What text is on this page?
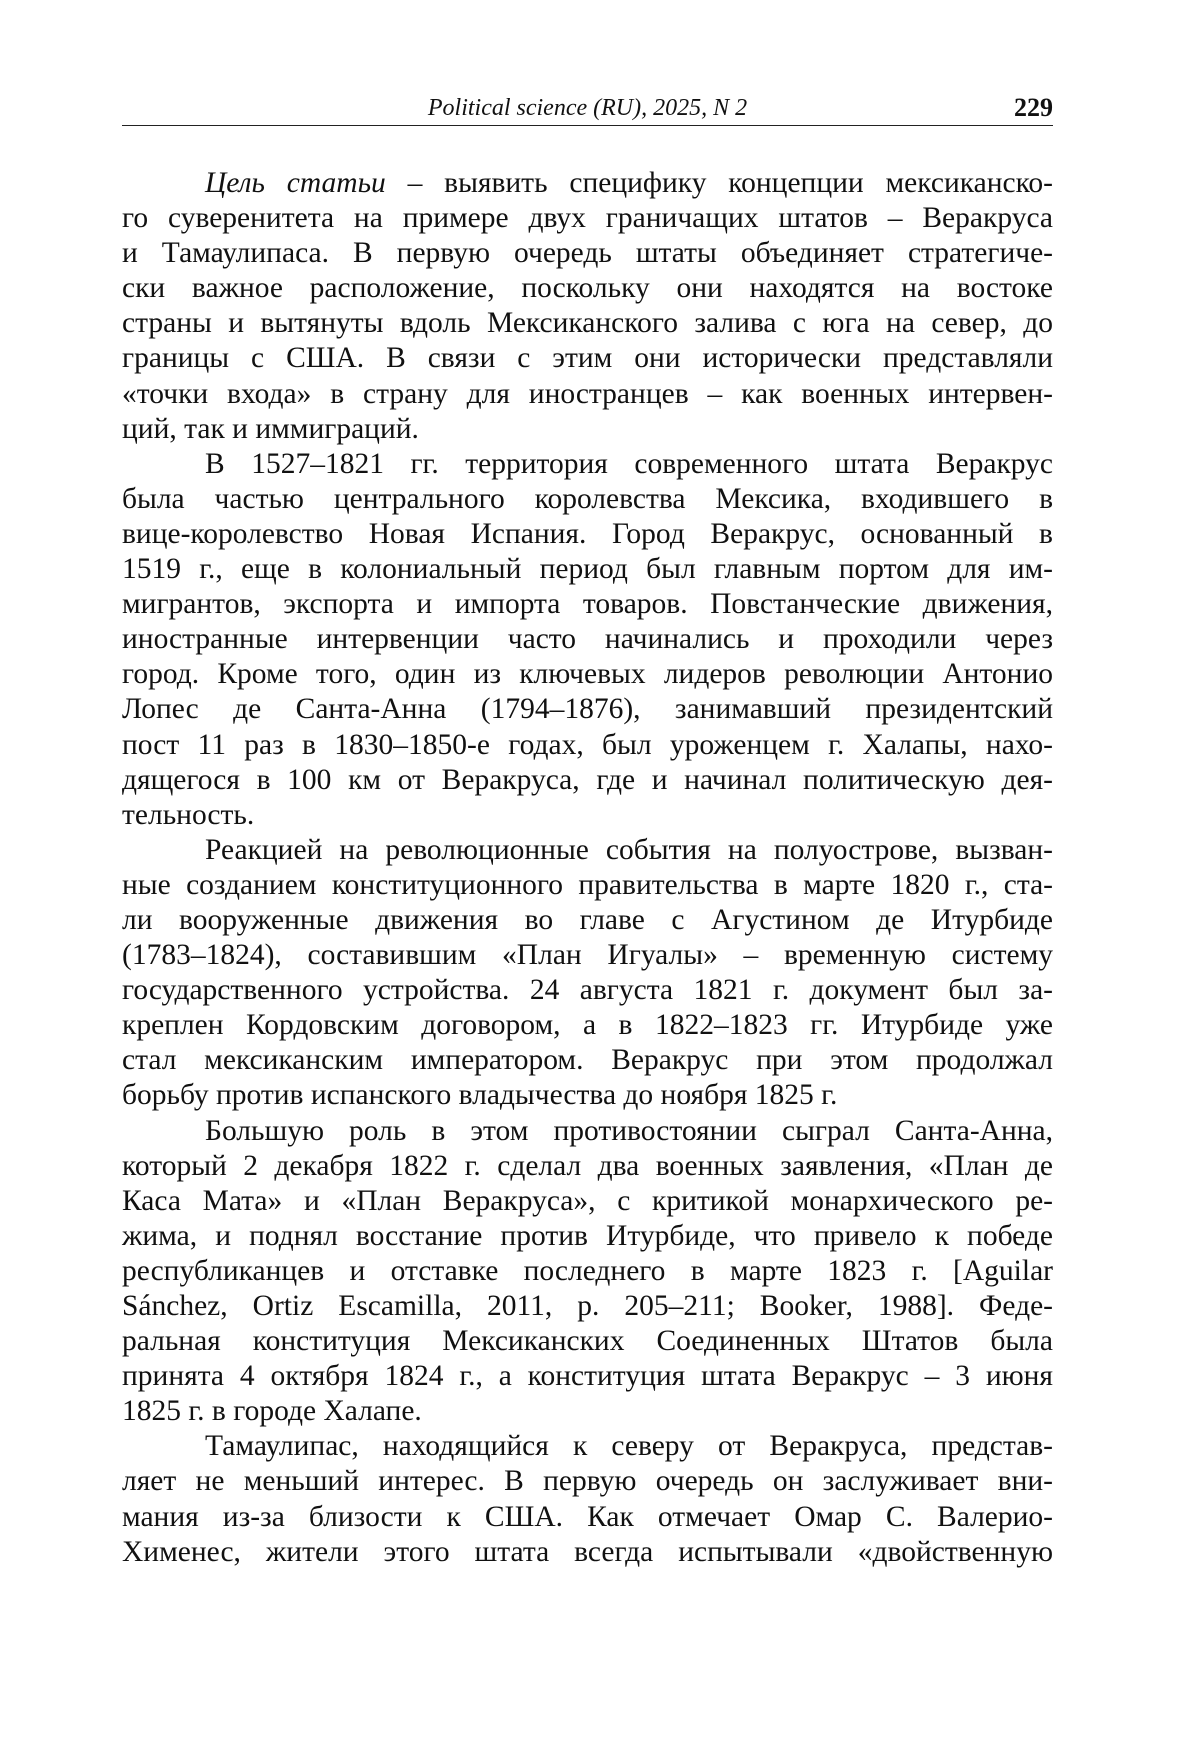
Political science (RU), 2025, N 2	229
Цель статьи – выявить специфику концепции мексиканско-
го суверенитета на примере двух граничащих штатов – Веракруса
и Тамаулипаса. В первую очередь штаты объединяет стратегиче-
ски важное расположение, поскольку они находятся на востоке
страны и вытянуты вдоль Мексиканского залива с юга на север, до
границы с США. В связи с этим они исторически представляли
«точки входа» в страну для иностранцев – как военных интервен-
ций, так и иммиграций.
В 1527–1821 гг. территория современного штата Веракрус
была частью центрального королевства Мексика, входившего в
вице-королевство Новая Испания. Город Веракрус, основанный в
1519 г., еще в колониальный период был главным портом для им-
мигрантов, экспорта и импорта товаров. Повстанческие движения,
иностранные интервенции часто начинались и проходили через
город. Кроме того, один из ключевых лидеров революции Антонио
Лопес де Санта-Анна (1794–1876), занимавший президентский
пост 11 раз в 1830–1850-е годах, был уроженцем г. Халапы, нахо-
дящегося в 100 км от Веракруса, где и начинал политическую дея-
тельность.
Реакцией на революционные события на полуострове, вызван-
ные созданием конституционного правительства в марте 1820 г., ста-
ли вооруженные движения во главе с Агустином де Итурбиде
(1783–1824), составившим «План Игуалы» – временную систему
государственного устройства. 24 августа 1821 г. документ был за-
креплен Кордовским договором, а в 1822–1823 гг. Итурбиде уже
стал мексиканским императором. Веракрус при этом продолжал
борьбу против испанского владычества до ноября 1825 г.
Большую роль в этом противостоянии сыграл Санта-Анна,
который 2 декабря 1822 г. сделал два военных заявления, «План де
Каса Мата» и «План Веракруса», с критикой монархического ре-
жима, и поднял восстание против Итурбиде, что привело к победе
республиканцев и отставке последнего в марте 1823 г. [Aguilar
Sánchez, Ortiz Escamilla, 2011, p. 205–211; Booker, 1988]. Феде-
ральная конституция Мексиканских Соединенных Штатов была
принята 4 октября 1824 г., а конституция штата Веракрус – 3 июня
1825 г. в городе Халапе.
Тамаулипас, находящийся к северу от Веракруса, представ-
ляет не меньший интерес. В первую очередь он заслуживает вни-
мания из-за близости к США. Как отмечает Омар С. Валерио-
Хименес, жители этого штата всегда испытывали «двойственную
